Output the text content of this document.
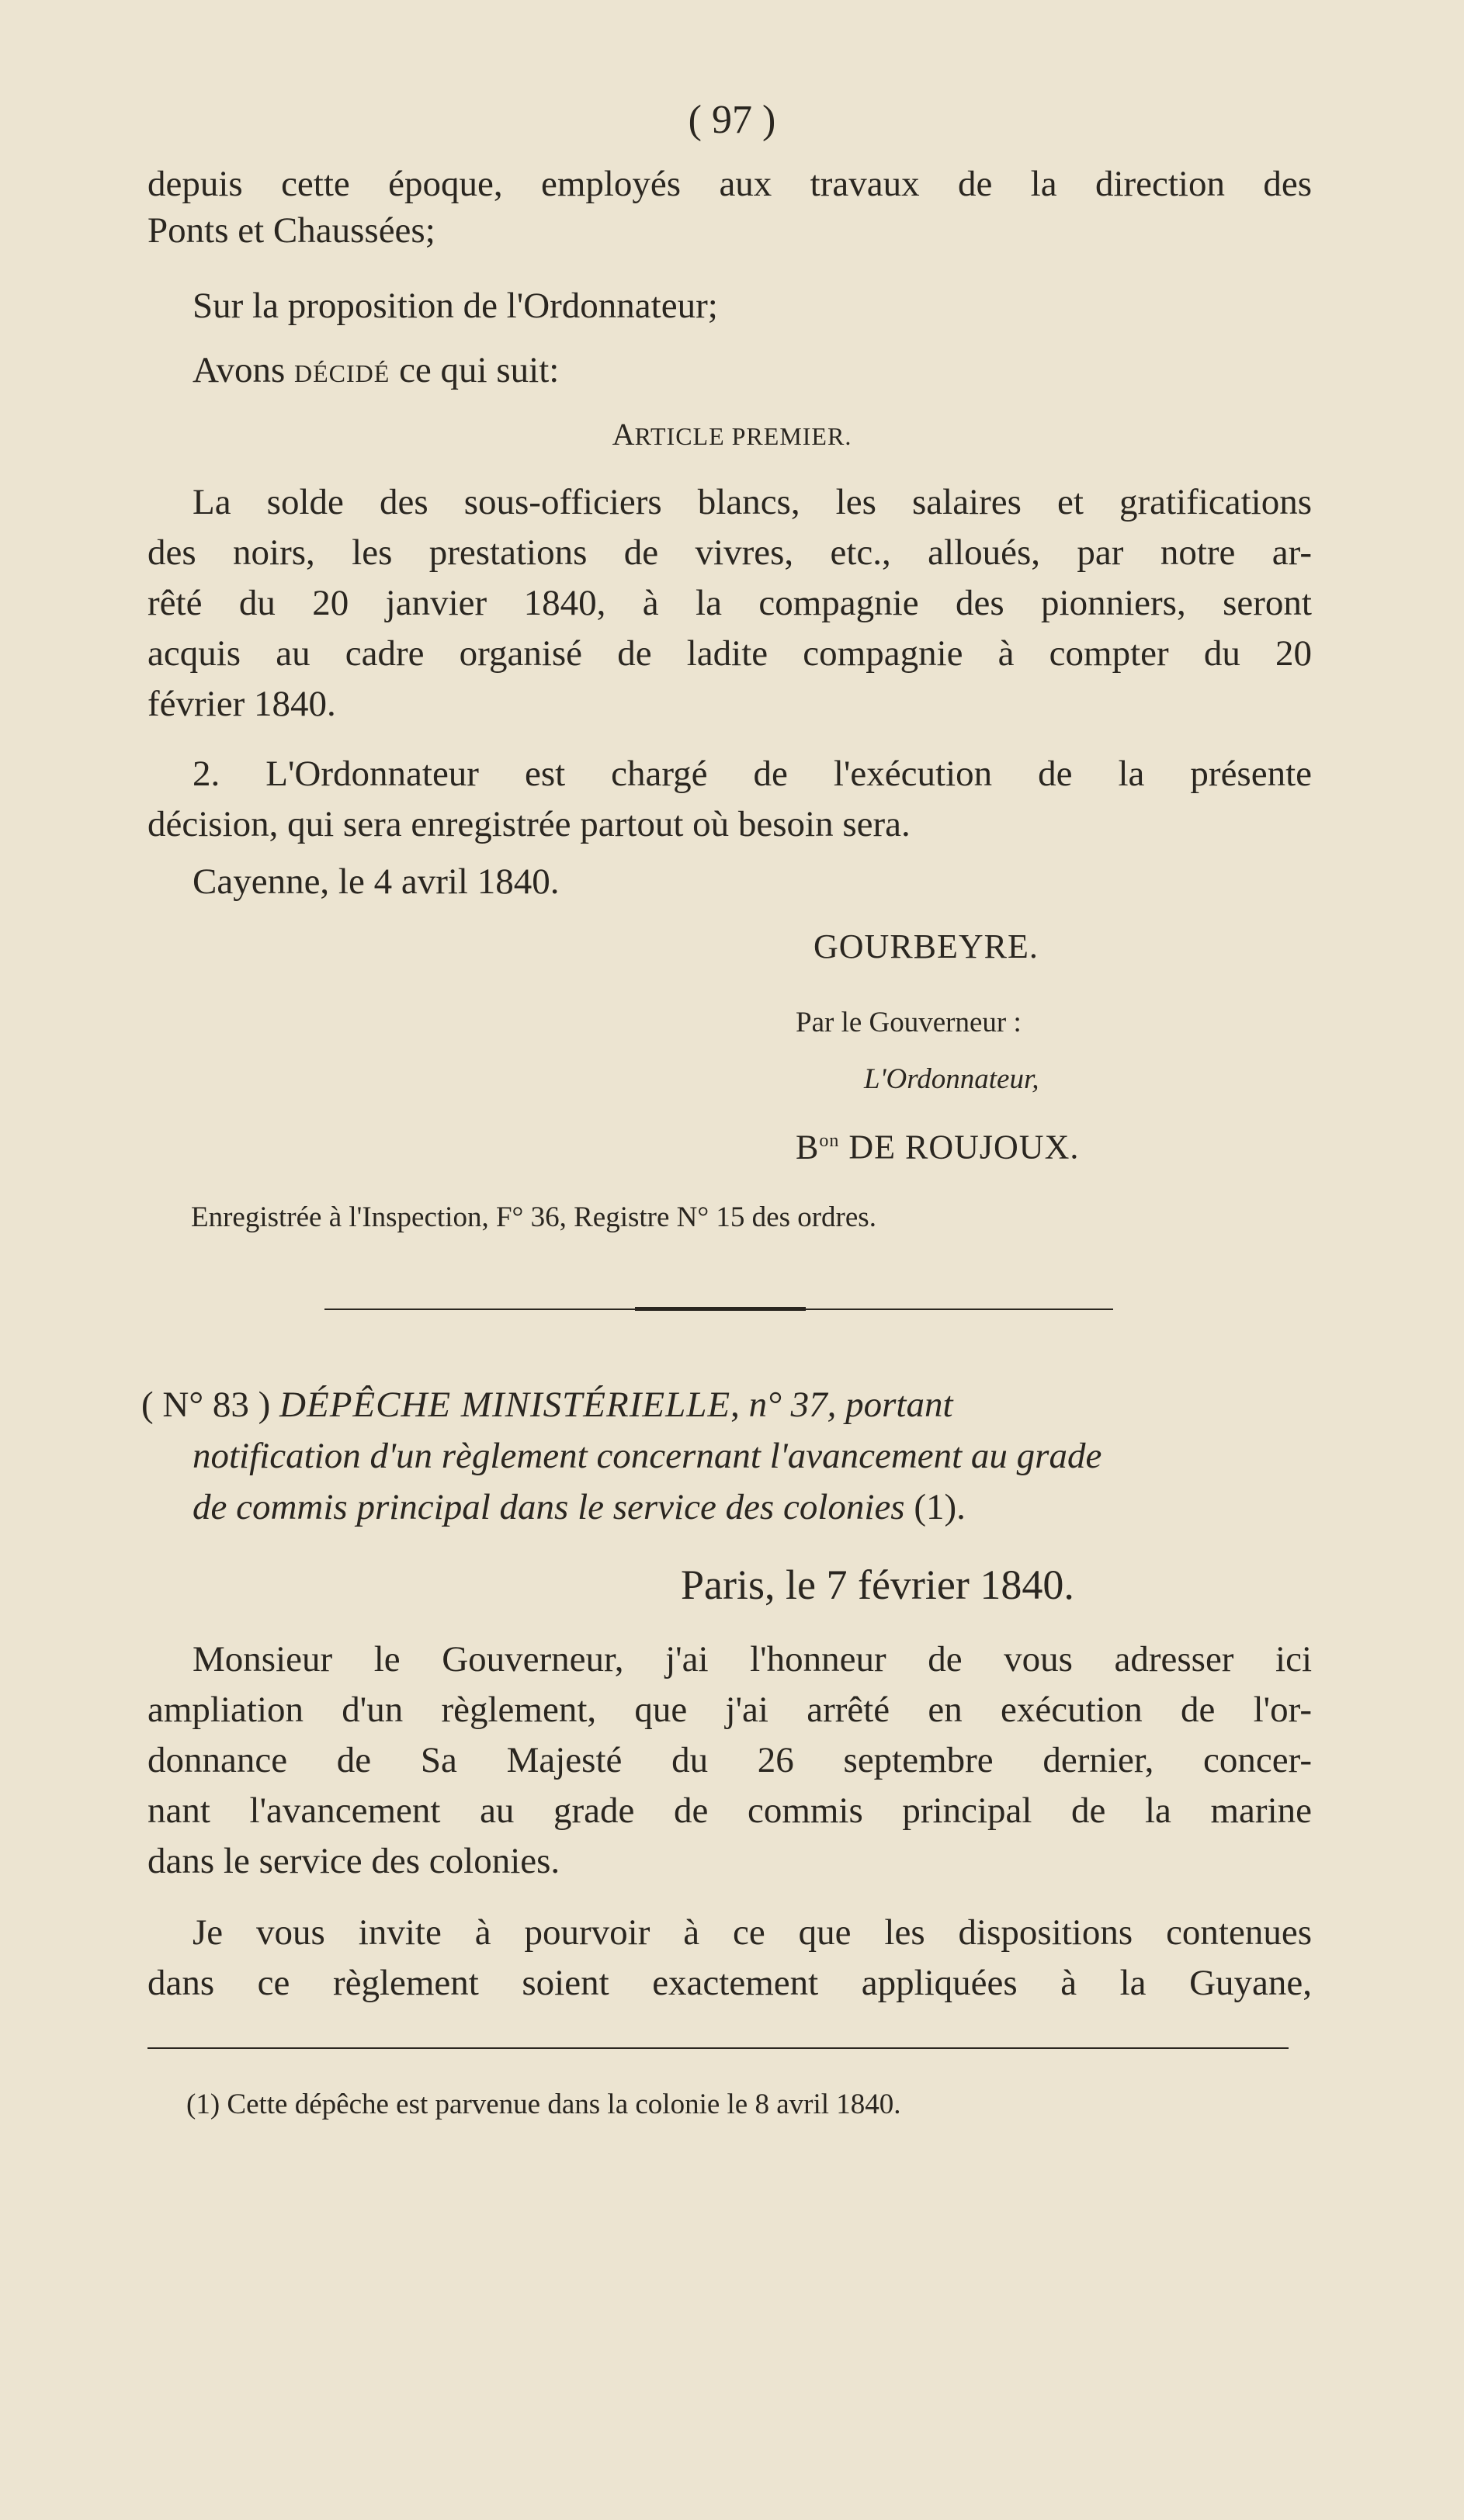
( 97 )
depuis cette époque, employés aux travaux de la direction des
Ponts et Chaussées;
Sur la proposition de l'Ordonnateur;
Avons DÉCIDÉ ce qui suit:
ARTICLE PREMIER.
La solde des sous-officiers blancs, les salaires et gratifications
des noirs, les prestations de vivres, etc., alloués, par notre ar-
rêté du 20 janvier 1840, à la compagnie des pionniers, seront
acquis au cadre organisé de ladite compagnie à compter du 20
février 1840.
2. L'Ordonnateur est chargé de l'exécution de la présente
décision, qui sera enregistrée partout où besoin sera.
Cayenne, le 4 avril 1840.
GOURBEYRE.
Par le Gouverneur :
L'Ordonnateur,
$B^{on}$ DE ROUJOUX.
Enregistrée à l'Inspection, F° 36, Registre N° 15 des ordres.
( N° 83 ) DÉPÊCHE MINISTÉRIELLE, n° 37, portant
notification d'un règlement concernant l'avancement au grade
de commis principal dans le service des colonies (1).
Paris, le 7 février 1840.
Monsieur le Gouverneur, j'ai l'honneur de vous adresser ici
ampliation d'un règlement, que j'ai arrêté en exécution de l'or-
donnance de Sa Majesté du 26 septembre dernier, concer-
nant l'avancement au grade de commis principal de la marine
dans le service des colonies.
Je vous invite à pourvoir à ce que les dispositions contenues
dans ce règlement soient exactement appliquées à la Guyane,
(1) Cette dépêche est parvenue dans la colonie le 8 avril 1840.
